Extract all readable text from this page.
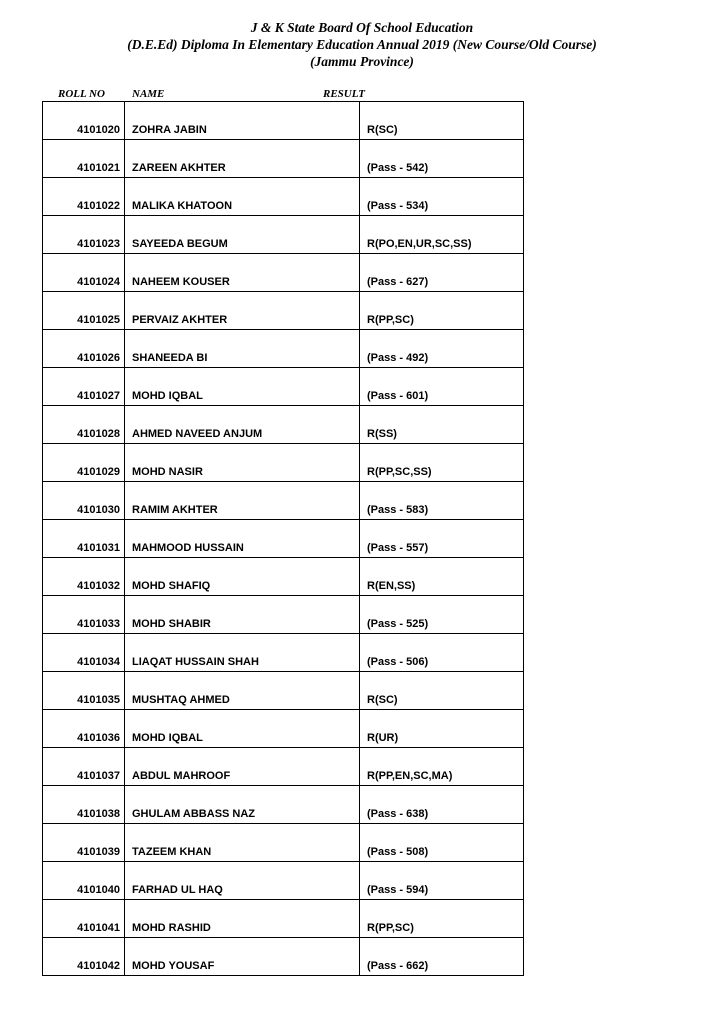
J & K State Board Of School Education
(D.E.Ed) Diploma In Elementary Education Annual 2019 (New Course/Old Course)
(Jammu Province)
ROLL NO NAME	RESULT
4101020 ZOHRA JABIN	R(SC)
4101021 ZAREEN AKHTER	(Pass - 542)
4101022 MALIKA KHATOON	(Pass - 534)
4101023 SAYEEDA BEGUM	R(PO,EN,UR,SC,SS)
4101024 NAHEEM KOUSER	(Pass - 627)
4101025 PERVAIZ AKHTER	R(PP,SC)
4101026 SHANEEDA BI	(Pass - 492)
4101027 MOHD IQBAL	(Pass - 601)
4101028 AHMED NAVEED ANJUM	R(SS)
4101029 MOHD NASIR	R(PP,SC,SS)
4101030 RAMIM AKHTER	(Pass - 583)
4101031 MAHMOOD HUSSAIN	(Pass - 557)
4101032 MOHD SHAFIQ	R(EN,SS)
4101033 MOHD SHABIR	(Pass - 525)
4101034 LIAQAT HUSSAIN SHAH	(Pass - 506)
4101035 MUSHTAQ AHMED	R(SC)
4101036 MOHD IQBAL	R(UR)
4101037 ABDUL MAHROOF	R(PP,EN,SC,MA)
4101038 GHULAM ABBASS NAZ	(Pass - 638)
4101039 TAZEEM KHAN	(Pass - 508)
4101040 FARHAD UL HAQ	(Pass - 594)
4101041 MOHD RASHID	R(PP,SC)
4101042 MOHD YOUSAF	(Pass - 662)
